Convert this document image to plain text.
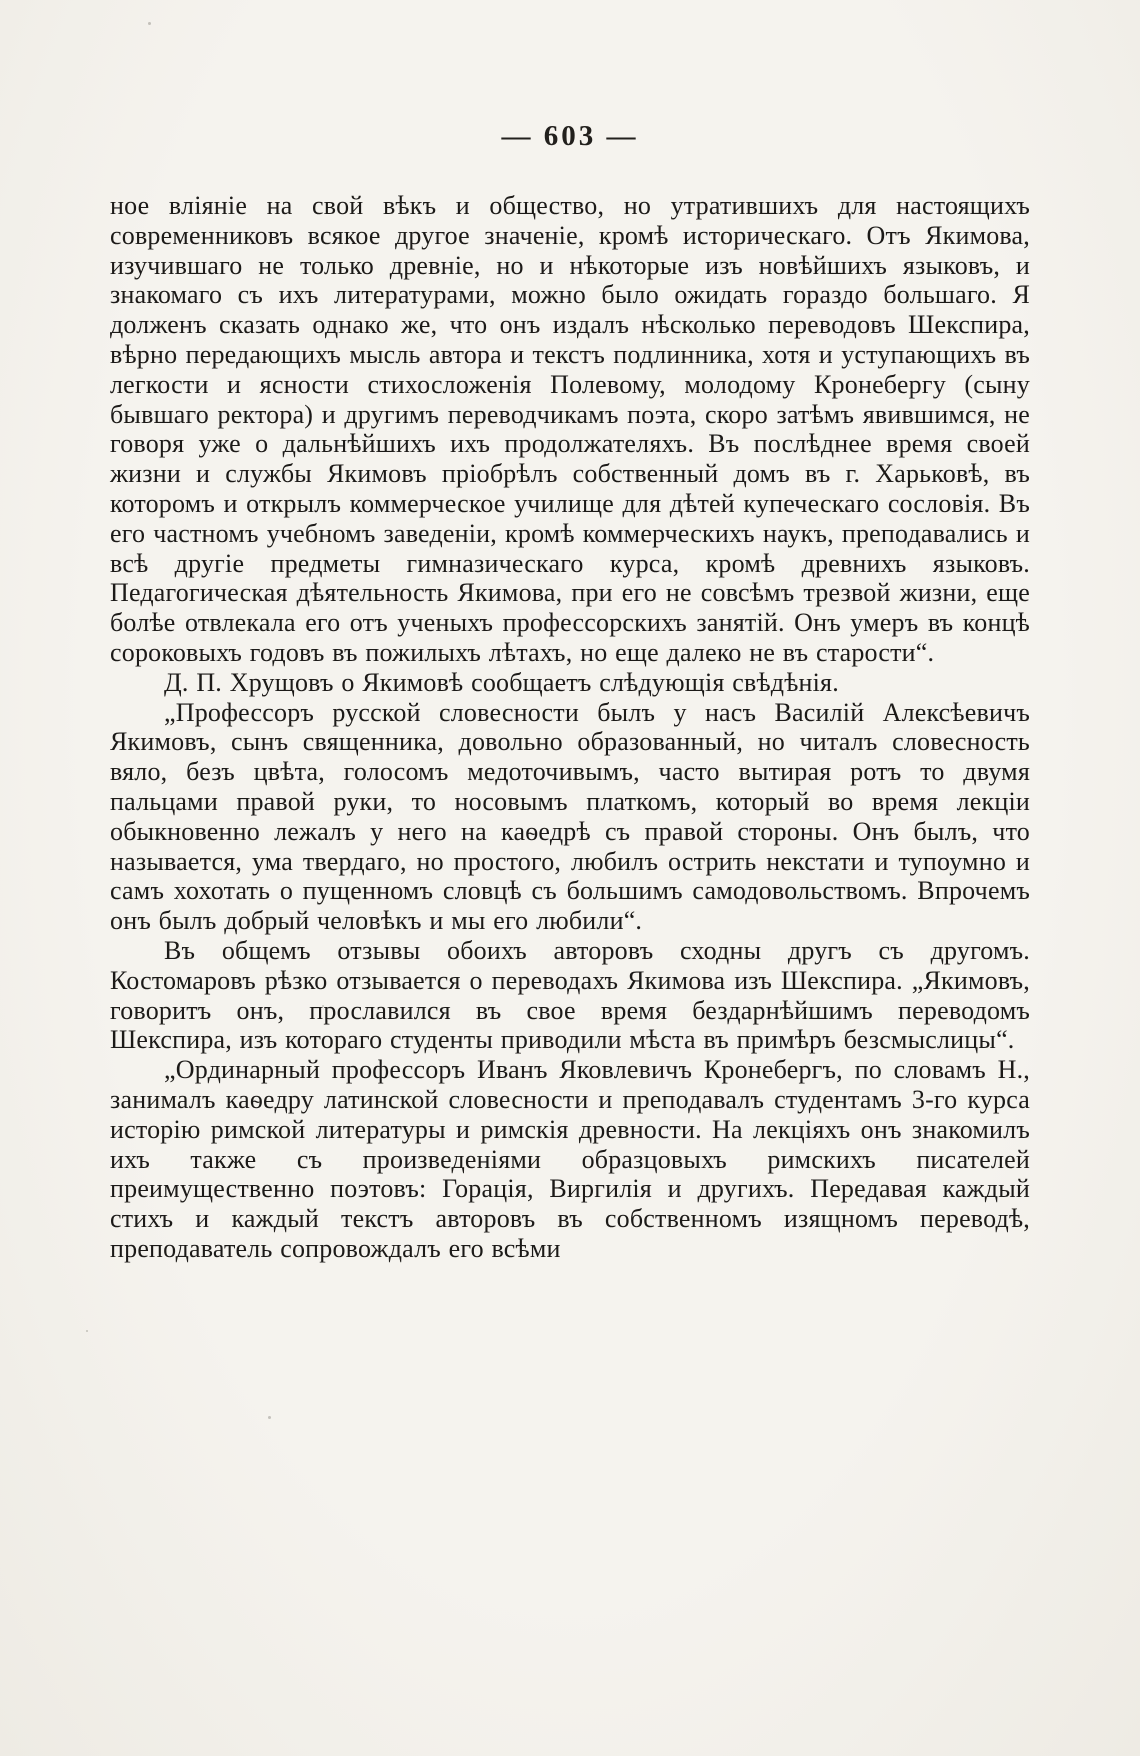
— 603 —

ное вліяніе на свой вѣкъ и общество, но утратившихъ для настоящихъ современниковъ всякое другое значеніе, кромѣ историческаго. Отъ Якимова, изучившаго не только древніе, но и нѣкоторые изъ новѣйшихъ языковъ, и знакомаго съ ихъ литературами, можно было ожидать гораздо большаго. Я долженъ сказать однако же, что онъ издалъ нѣсколько переводовъ Шекспира, вѣрно передающихъ мысль автора и текстъ подлинника, хотя и уступающихъ въ легкости и ясности стихосложенія Полевому, молодому Кронебергу (сыну бывшаго ректора) и другимъ переводчикамъ поэта, скоро затѣмъ явившимся, не говоря уже о дальнѣйшихъ ихъ продолжателяхъ. Въ послѣднее время своей жизни и службы Якимовъ пріобрѣлъ собственный домъ въ г. Харьковѣ, въ которомъ и открылъ коммерческое училище для дѣтей купеческаго сословія. Въ его частномъ учебномъ заведеніи, кромѣ коммерческихъ наукъ, преподавались и всѣ другіе предметы гимназическаго курса, кромѣ древнихъ языковъ. Педагогическая дѣятельность Якимова, при его не совсѣмъ трезвой жизни, еще болѣе отвлекала его отъ ученыхъ профессорскихъ занятій. Онъ умеръ въ концѣ сороковыхъ годовъ въ пожилыхъ лѣтахъ, но еще далеко не въ старости“.

Д. П. Хрущовъ о Якимовѣ сообщаетъ слѣдующія свѣдѣнія.

„Профессоръ русской словесности былъ у насъ Василій Алексѣевичъ Якимовъ, сынъ священника, довольно образованный, но читалъ словесность вяло, безъ цвѣта, голосомъ медоточивымъ, часто вытирая ротъ то двумя пальцами правой руки, то носовымъ платкомъ, который во время лекціи обыкновенно лежалъ у него на каѳедрѣ съ правой стороны. Онъ былъ, что называется, ума твердаго, но простого, любилъ острить некстати и тупоумно и самъ хохотать о пущенномъ словцѣ съ большимъ самодовольствомъ. Впрочемъ онъ былъ добрый человѣкъ и мы его любили“.

Въ общемъ отзывы обоихъ авторовъ сходны другъ съ другомъ. Костомаровъ рѣзко отзывается о переводахъ Якимова изъ Шекспира. „Якимовъ, говоритъ онъ, прославился въ свое время бездарнѣйшимъ переводомъ Шекспира, изъ котораго студенты приводили мѣста въ примѣръ безсмыслицы“.

„Ординарный профессоръ Иванъ Яковлевичъ Кронебергъ, по словамъ Н., занималъ каѳедру латинской словесности и преподавалъ студентамъ 3-го курса исторію римской литературы и римскія древности. На лекціяхъ онъ знакомилъ ихъ также съ произведеніями образцовыхъ римскихъ писателей преимущественно поэтовъ: Горація, Виргилія и другихъ. Передавая каждый стихъ и каждый текстъ авторовъ въ собственномъ изящномъ переводѣ, преподаватель сопровождалъ его всѣми
